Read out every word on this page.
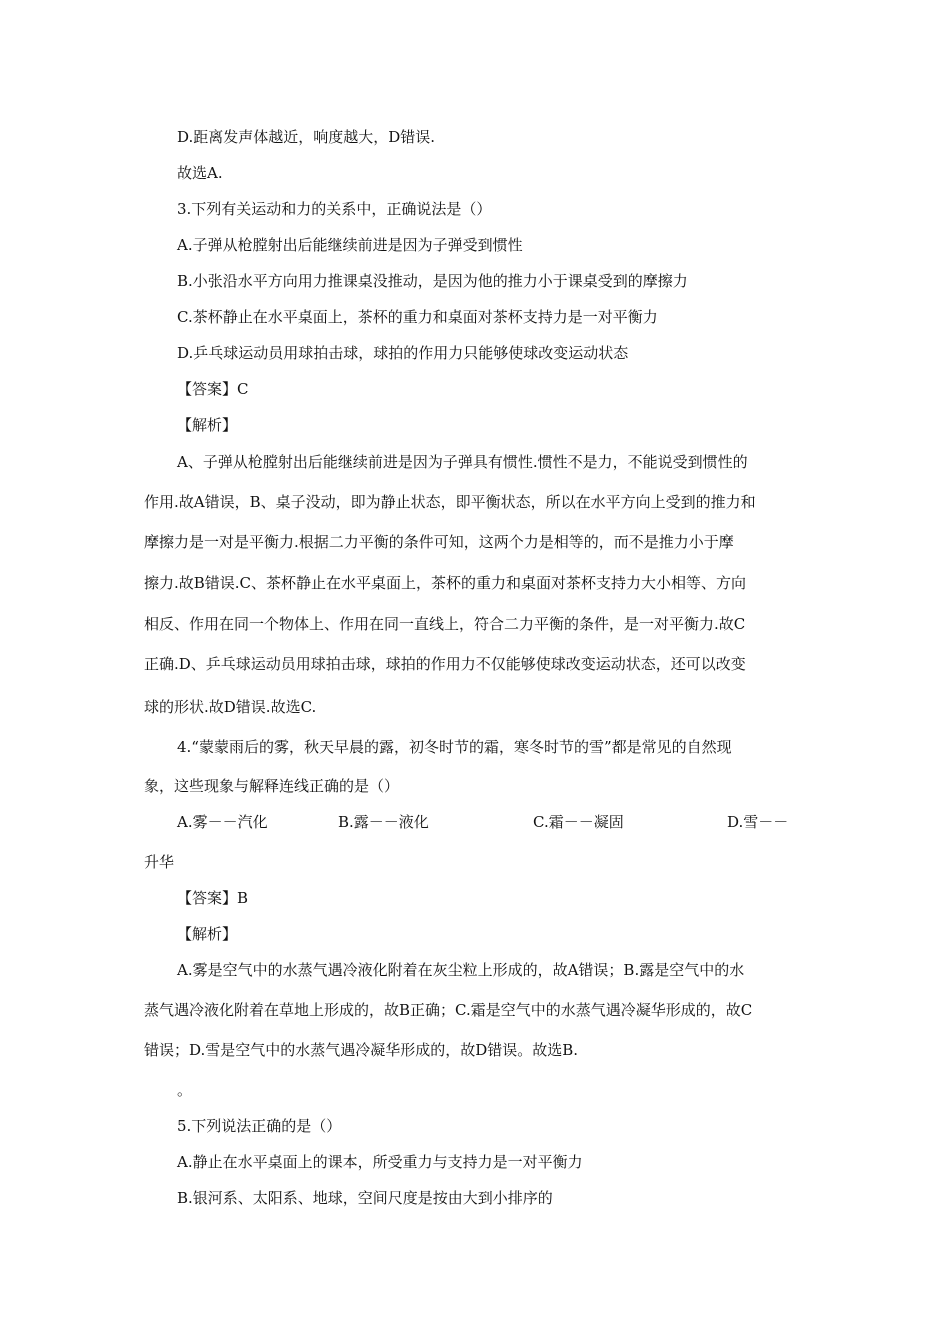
D.距离发声体越近，响度越大，D错误.
故选A.
3.下列有关运动和力的关系中，正确说法是（）
A.子弹从枪膛射出后能继续前进是因为子弹受到惯性
B.小张沿水平方向用力推课桌没推动，是因为他的推力小于课桌受到的摩擦力
C.茶杯静止在水平桌面上，茶杯的重力和桌面对茶杯支持力是一对平衡力
D.乒乓球运动员用球拍击球，球拍的作用力只能够使球改变运动状态
【答案】C
【解析】
A、子弹从枪膛射出后能继续前进是因为子弹具有惯性.惯性不是力，不能说受到惯性的
作用.故A错误，B、桌子没动，即为静止状态，即平衡状态，所以在水平方向上受到的推力和
摩擦力是一对是平衡力.根据二力平衡的条件可知，这两个力是相等的，而不是推力小于摩
擦力.故B错误.C、茶杯静止在水平桌面上，茶杯的重力和桌面对茶杯支持力大小相等、方向
相反、作用在同一个物体上、作用在同一直线上，符合二力平衡的条件，是一对平衡力.故C
正确.D、乒乓球运动员用球拍击球，球拍的作用力不仅能够使球改变运动状态，还可以改变
球的形状.故D错误.故选C.
4.“蒙蒙雨后的雾，秋天早晨的露，初冬时节的霜，寒冬时节的雪”都是常见的自然现
象，这些现象与解释连线正确的是（）
A.雾－－汽化	B.露－－液化	C.霜－－凝固	D.雪－－
升华
【答案】B
【解析】
A.雾是空气中的水蒸气遇冷液化附着在灰尘粒上形成的，故A错误；B.露是空气中的水
蒸气遇冷液化附着在草地上形成的，故B正确；C.霜是空气中的水蒸气遇冷凝华形成的，故C
错误；D.雪是空气中的水蒸气遇冷凝华形成的，故D错误。故选B.
。
5.下列说法正确的是（）
A.静止在水平桌面上的课本，所受重力与支持力是一对平衡力
B.银河系、太阳系、地球，空间尺度是按由大到小排序的
